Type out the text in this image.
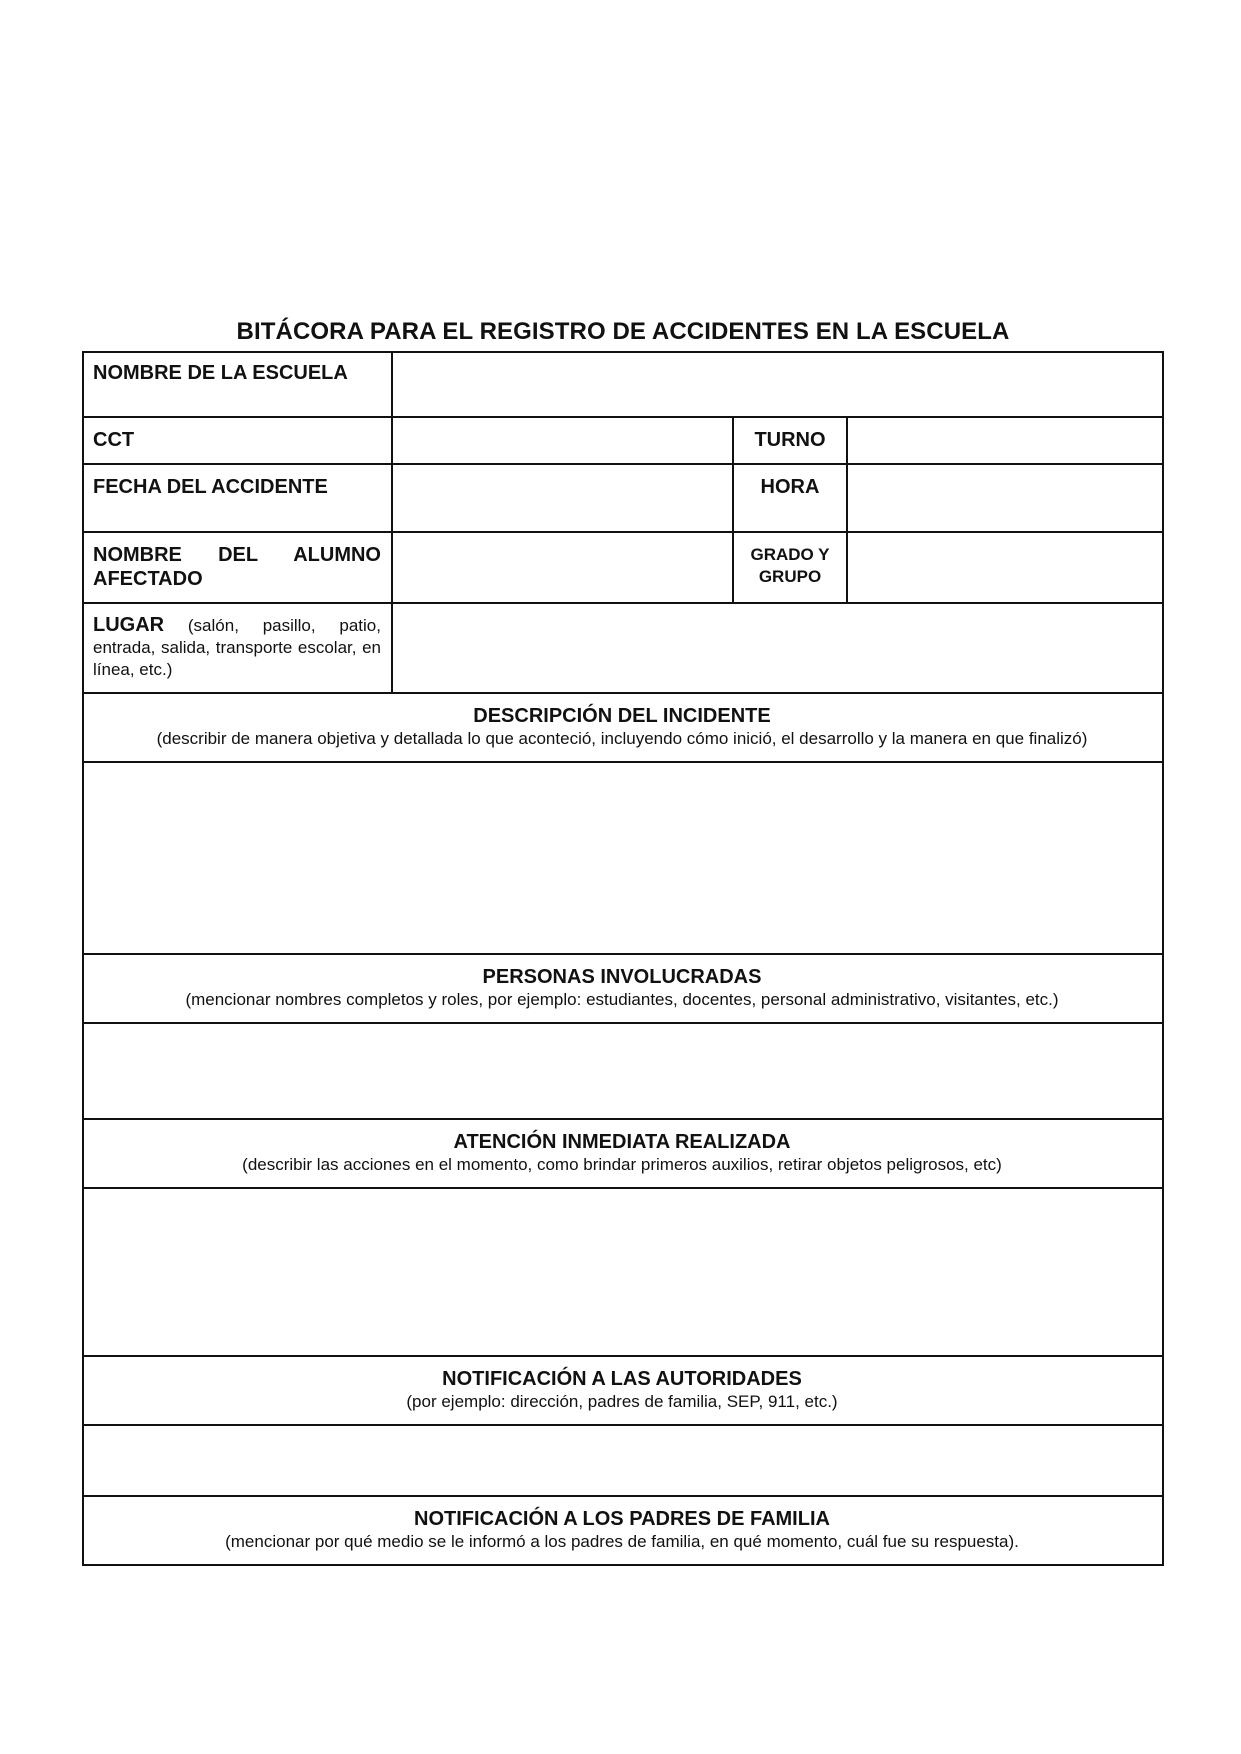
BITÁCORA PARA EL REGISTRO DE ACCIDENTES EN LA ESCUELA
NOMBRE DE LA ESCUELA
CCT	TURNO
FECHA DEL ACCIDENTE	HORA
NOMBRE DEL ALUMNO AFECTADO
GRADO Y GRUPO
LUGAR (salón, pasillo, patio, entrada, salida, transporte escolar, en línea, etc.)
DESCRIPCIÓN DEL INCIDENTE
(describir de manera objetiva y detallada lo que aconteció, incluyendo cómo inició, el desarrollo y la manera en que finalizó)
PERSONAS INVOLUCRADAS
(mencionar nombres completos y roles, por ejemplo: estudiantes, docentes, personal administrativo, visitantes, etc.)
ATENCIÓN INMEDIATA REALIZADA
(describir las acciones en el momento, como brindar primeros auxilios, retirar objetos peligrosos, etc)
NOTIFICACIÓN A LAS AUTORIDADES
(por ejemplo: dirección, padres de familia, SEP, 911, etc.)
NOTIFICACIÓN A LOS PADRES DE FAMILIA
(mencionar por qué medio se le informó a los padres de familia, en qué momento, cuál fue su respuesta).
